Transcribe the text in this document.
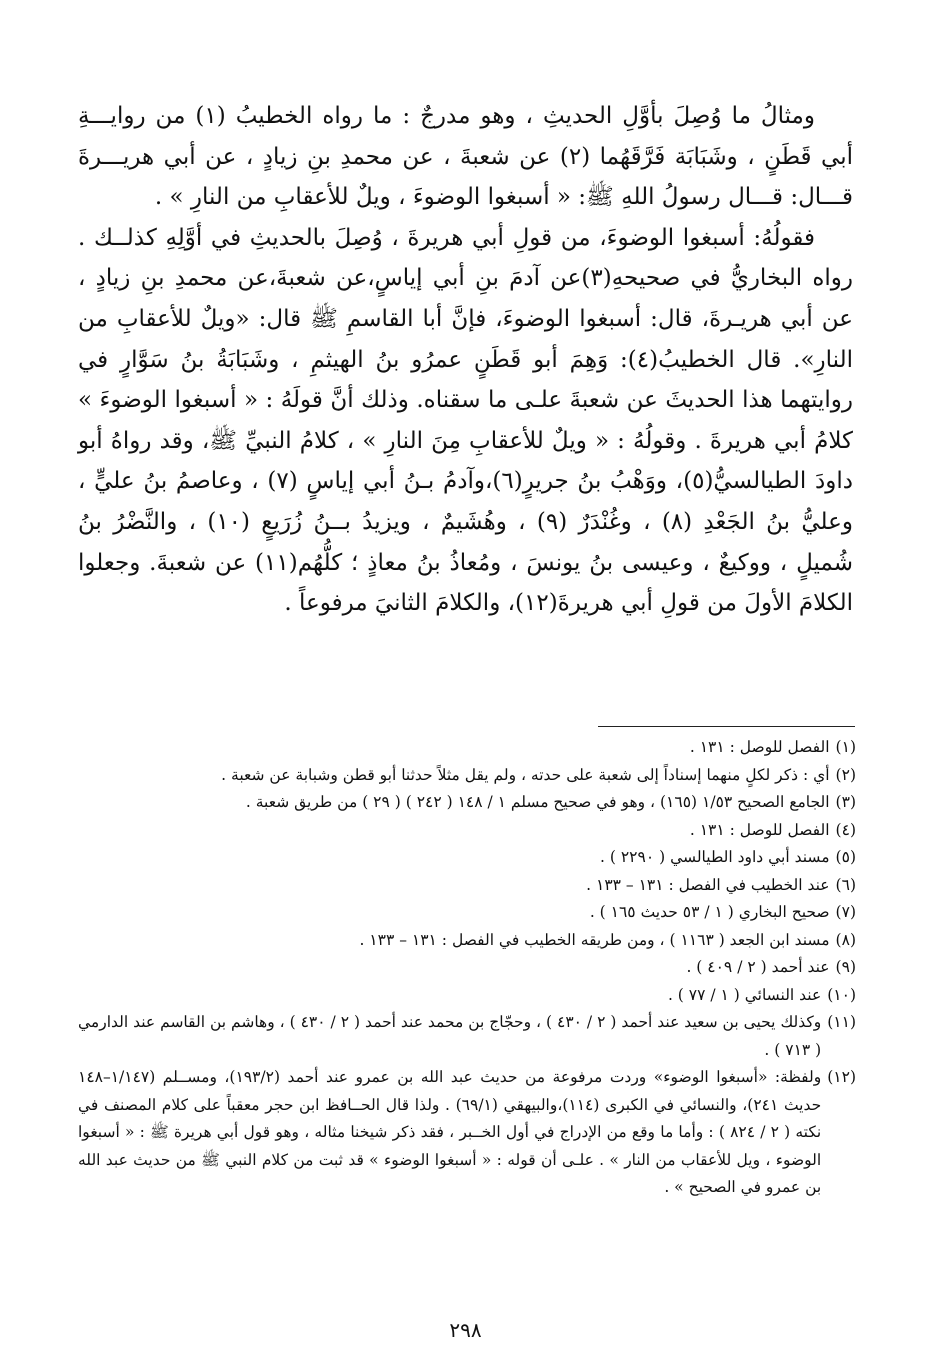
ومثالُ ما وُصِلَ بأوَّلِ الحديثِ ، وهو مدرجٌ : ما رواه الخطيبُ (١) من روايـــةِ أبي قَطَنٍ ، وشَبَابَة فَرَّقَهُما (٢) عن شعبةَ ، عن محمدِ بنِ زيادٍ ، عن أبي هريـــرةَ قـــال: قـــال رسولُ اللهِ ﷺ: « أسبغوا الوضوءَ ، ويلٌ للأعقابِ من النارِ » .

فقولُهُ: أسبغوا الوضوءَ، من قولِ أبي هريرةَ ، وُصِلَ بالحديثِ في أوَّلِهِ كذلــك . رواه البخاريُّ في صحيحهِ(٣)عن آدمَ بنِ أبي إياسٍ،عن شعبةَ،عن محمدِ بنِ زيادٍ ، عن أبي هريـرةَ، قال: أسبغوا الوضوءَ، فإنَّ أبا القاسمِ ﷺ قال: «ويلٌ للأعقابِ من النارِ». قال الخطيبُ(٤): وَهِمَ أبو قَطَنٍ عمرُو بنُ الهيثمِ ، وشَبَابَةُ بنُ سَوَّارٍ في روايتهما هذا الحديثَ عن شعبةَ علـى ما سقناه. وذلك أنَّ قولَهُ : « أسبغوا الوضوءَ » كلامُ أبي هريرةَ . وقولُهُ : « ويلٌ للأعقابِ مِنَ النارِ » ، كلامُ النبيِّ ﷺ، وقد رواهُ أبو داودَ الطيالسيُّ(٥)، ووَهْبُ بنُ جريرٍ(٦)،وآدمُ بـنُ أبي إياسٍ (٧) ، وعاصمُ بنُ عليٍّ ، وعليُّ بنُ الجَعْدِ (٨) ، وغُنْدَرٌ (٩) ، وهُشَيمٌ ، ويزيدُ بــنُ زُرَيعٍ (١٠) ، والنَّضْرُ بنُ شُميلٍ ، ووكيعٌ ، وعيسى بنُ يونسَ ، ومُعاذُ بنُ معاذٍ ؛ كلُّهُم(١١) عن شعبةَ. وجعلوا الكلامَ الأولَ من قولِ أبي هريرةَ(١٢)، والكلامَ الثانيَ مرفوعاً .

(١)
الفصل للوصل : ١٣١ .
(٢)
أي : ذكر لكلٍ منهما إسناداً إلى شعبة على حدته ، ولم يقل مثلاً حدثنا أبو قطن وشبابة عن شعبة .
(٣)
الجامع الصحيح ١/٥٣ (١٦٥) ، وهو في صحيح مسلم ١ / ١٤٨ ( ٢٤٢ ) ( ٢٩ ) من طريق شعبة .
(٤)
الفصل للوصل : ١٣١ .
(٥)
مسند أبي داود الطيالسي ( ٢٢٩٠ ) .
(٦)
عند الخطيب في الفصل : ١٣١ – ١٣٣ .
(٧)
صحيح البخاري ( ١ / ٥٣ حديث ١٦٥ ) .
(٨)
مسند ابن الجعد ( ١١٦٣ ) ، ومن طريقه الخطيب في الفصل : ١٣١ – ١٣٣ .
(٩)
عند أحمد ( ٢ / ٤٠٩ ) .
(١٠)
عند النسائي ( ١ / ٧٧ ) .
(١١)
وكذلك يحيى بن سعيد عند أحمد ( ٢ / ٤٣٠ ) ، وحجّاج بن محمد عند أحمد ( ٢ / ٤٣٠ ) ، وهاشم بن القاسم عند الدارمي ( ٧١٣ ) .
(١٢)
ولفظة: «أسبغوا الوضوء» وردت مرفوعة من حديث عبد الله بن عمرو عند أحمد (١٩٣/٢)، ومســلم (١/١٤٧–١٤٨ حديث ٢٤١)، والنسائي في الكبرى (١١٤)،والبيهقي (٦٩/١) . ولذا قال الحــافظ ابن حجر معقباً على كلام المصنف في نكته ( ٢ / ٨٢٤ ) : وأما ما وقع من الإدراج في أول الخــبر ، فقد ذكر شيخنا مثاله ، وهو قول أبي هريرة ﷺ : « أسبغوا الوضوء ، ويل للأعقاب من النار » . علـى أن قوله : « أسبغوا الوضوء » قد ثبت من كلام النبي ﷺ من حديث عبد الله بن عمرو في الصحيح » .
٢٩٨
